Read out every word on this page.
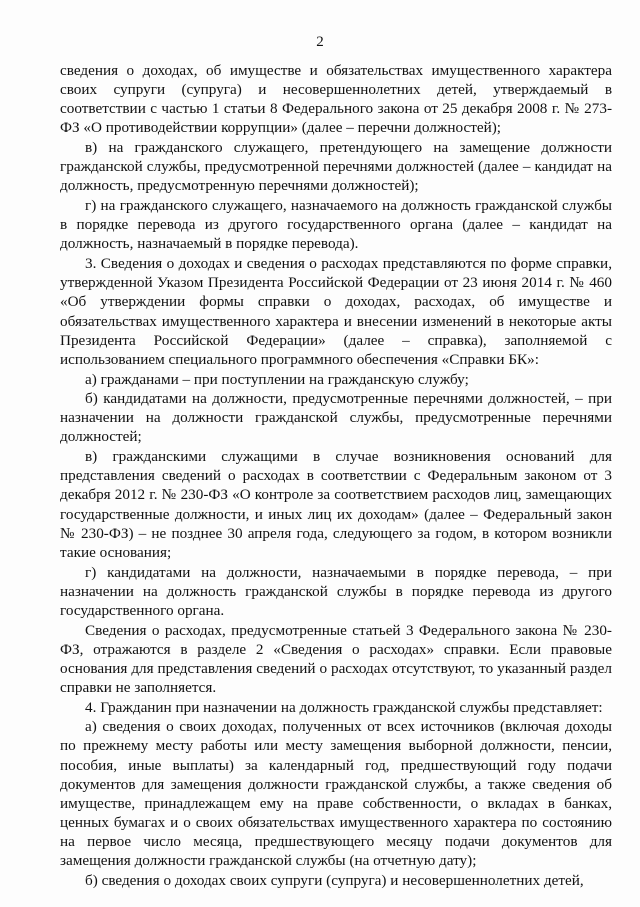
2

сведения о доходах, об имуществе и обязательствах имущественного характера своих супруги (супруга) и несовершеннолетних детей, утверждаемый в соответствии с частью 1 статьи 8 Федерального закона от 25 декабря 2008 г. № 273-ФЗ «О противодействии коррупции» (далее – перечни должностей);

в) на гражданского служащего, претендующего на замещение должности гражданской службы, предусмотренной перечнями должностей (далее – кандидат на должность, предусмотренную перечнями должностей);

г) на гражданского служащего, назначаемого на должность гражданской службы в порядке перевода из другого государственного органа (далее – кандидат на должность, назначаемый в порядке перевода).

3. Сведения о доходах и сведения о расходах представляются по форме справки, утвержденной Указом Президента Российской Федерации от 23 июня 2014 г. № 460 «Об утверждении формы справки о доходах, расходах, об имуществе и обязательствах имущественного характера и внесении изменений в некоторые акты Президента Российской Федерации» (далее – справка), заполняемой с использованием специального программного обеспечения «Справки БК»:

а) гражданами – при поступлении на гражданскую службу;

б) кандидатами на должности, предусмотренные перечнями должностей, – при назначении на должности гражданской службы, предусмотренные перечнями должностей;

в) гражданскими служащими в случае возникновения оснований для представления сведений о расходах в соответствии с Федеральным законом от 3 декабря 2012 г. № 230-ФЗ «О контроле за соответствием расходов лиц, замещающих государственные должности, и иных лиц их доходам» (далее – Федеральный закон № 230-ФЗ) – не позднее 30 апреля года, следующего за годом, в котором возникли такие основания;

г) кандидатами на должности, назначаемыми в порядке перевода, – при назначении на должность гражданской службы в порядке перевода из другого государственного органа.

Сведения о расходах, предусмотренные статьей 3 Федерального закона № 230-ФЗ, отражаются в разделе 2 «Сведения о расходах» справки. Если правовые основания для представления сведений о расходах отсутствуют, то указанный раздел справки не заполняется.

4. Гражданин при назначении на должность гражданской службы представляет:

а) сведения о своих доходах, полученных от всех источников (включая доходы по прежнему месту работы или месту замещения выборной должности, пенсии, пособия, иные выплаты) за календарный год, предшествующий году подачи документов для замещения должности гражданской службы, а также сведения об имуществе, принадлежащем ему на праве собственности, о вкладах в банках, ценных бумагах и о своих обязательствах имущественного характера по состоянию на первое число месяца, предшествующего месяцу подачи документов для замещения должности гражданской службы (на отчетную дату);

б) сведения о доходах своих супруги (супруга) и несовершеннолетних детей,
